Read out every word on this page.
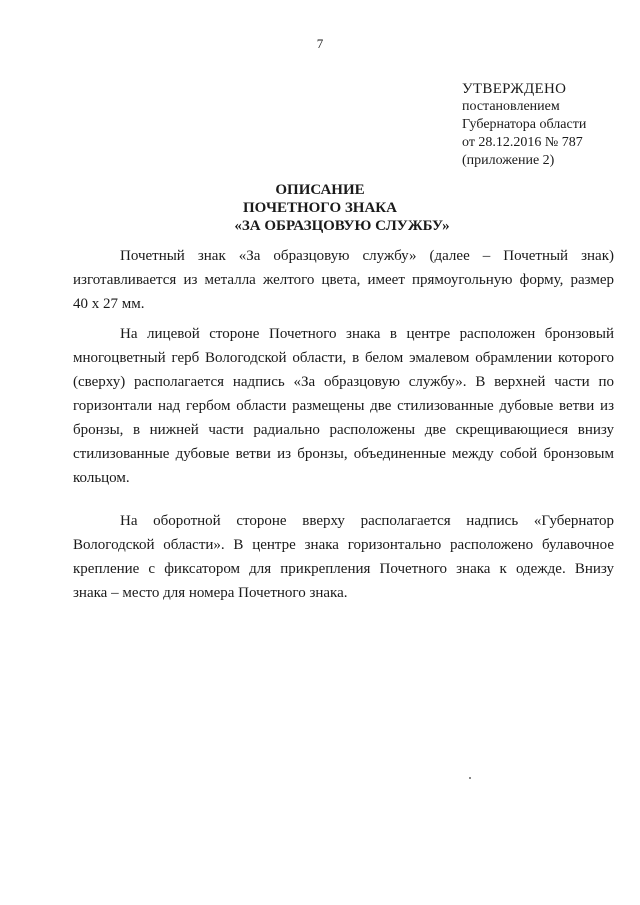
7
УТВЕРЖДЕНО
постановлением
Губернатора области
от 28.12.2016 № 787
(приложение 2)
ОПИСАНИЕ
ПОЧЕТНОГО ЗНАКА
«ЗА ОБРАЗЦОВУЮ СЛУЖБУ»
Почетный знак «За образцовую службу» (далее – Почетный знак)
изготавливается из металла желтого цвета, имеет прямоугольную форму, размер
40 х 27 мм.
На лицевой стороне Почетного знака в центре расположен бронзовый
многоцветный герб Вологодской области, в белом эмалевом обрамлении которого
(сверху) располагается надпись «За образцовую службу». В верхней части по
горизонтали над гербом области размещены две стилизованные дубовые ветви из
бронзы, в нижней части радиально расположены две скрещивающиеся внизу
стилизованные дубовые ветви из бронзы, объединенные между собой бронзовым
кольцом.
На оборотной стороне вверху располагается надпись «Губернатор
Вологодской области». В центре знака горизонтально расположено булавочное
крепление с фиксатором для прикрепления Почетного знака к одежде. Внизу
знака – место для номера Почетного знака.
